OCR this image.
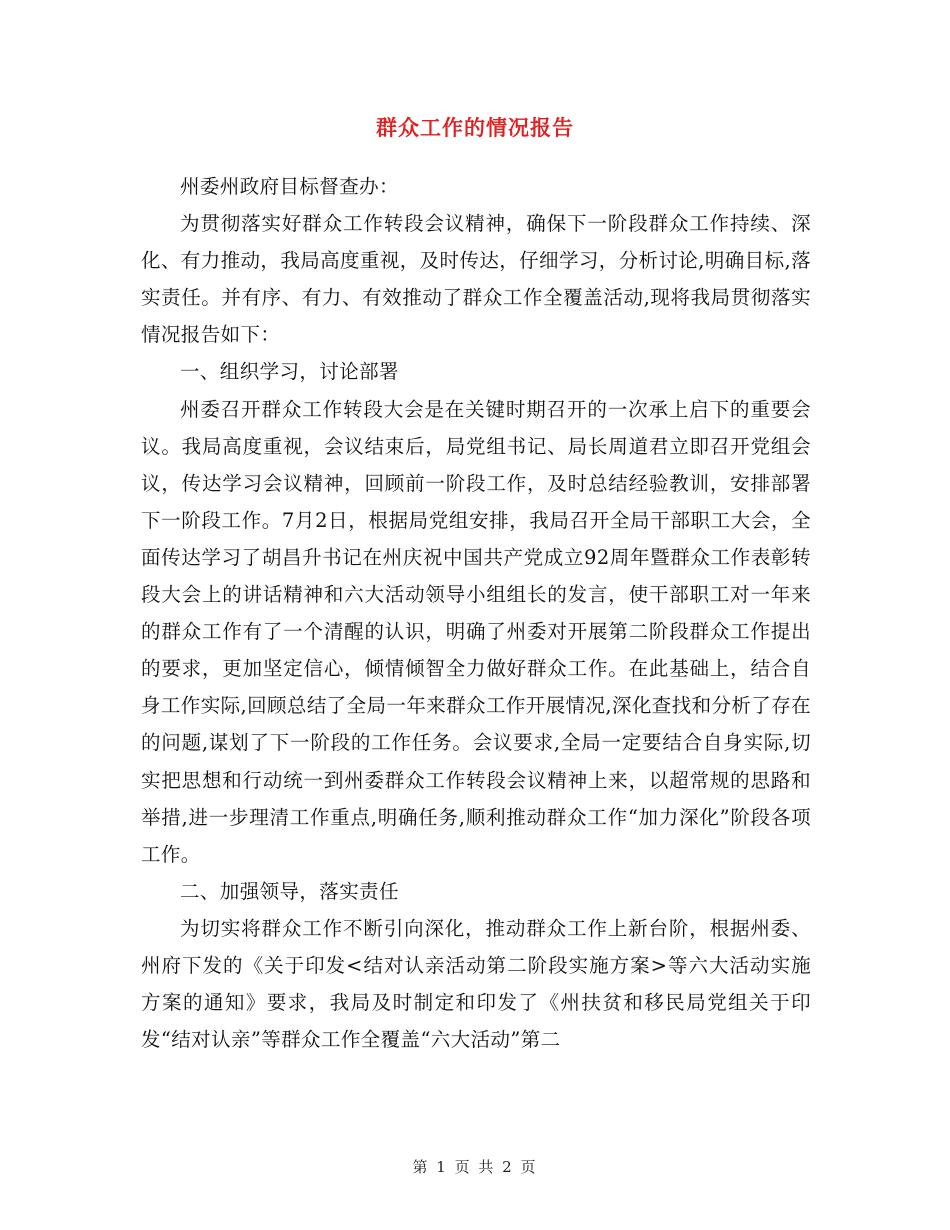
群众工作的情况报告

州委州政府目标督查办：

为贯彻落实好群众工作转段会议精神，确保下一阶段群众工作持续、深化、有力推动，我局高度重视，及时传达，仔细学习，分析讨论,明确目标,落实责任。并有序、有力、有效推动了群众工作全覆盖活动,现将我局贯彻落实情况报告如下：

一、组织学习，讨论部署

州委召开群众工作转段大会是在关键时期召开的一次承上启下的重要会议。我局高度重视，会议结束后，局党组书记、局长周道君立即召开党组会议，传达学习会议精神，回顾前一阶段工作，及时总结经验教训，安排部署下一阶段工作。7月2日，根据局党组安排，我局召开全局干部职工大会，全面传达学习了胡昌升书记在州庆祝中国共产党成立92周年暨群众工作表彰转段大会上的讲话精神和六大活动领导小组组长的发言，使干部职工对一年来的群众工作有了一个清醒的认识，明确了州委对开展第二阶段群众工作提出的要求，更加坚定信心，倾情倾智全力做好群众工作。在此基础上，结合自身工作实际,回顾总结了全局一年来群众工作开展情况,深化查找和分析了存在的问题,谋划了下一阶段的工作任务。会议要求,全局一定要结合自身实际,切实把思想和行动统一到州委群众工作转段会议精神上来，以超常规的思路和举措,进一步理清工作重点,明确任务,顺利推动群众工作“加力深化”阶段各项工作。

二、加强领导，落实责任

为切实将群众工作不断引向深化，推动群众工作上新台阶，根据州委、州府下发的《关于印发<结对认亲活动第二阶段实施方案>等六大活动实施方案的通知》要求，我局及时制定和印发了《州扶贫和移民局党组关于印发“结对认亲”等群众工作全覆盖“六大活动”第二

第 1 页 共 2 页
